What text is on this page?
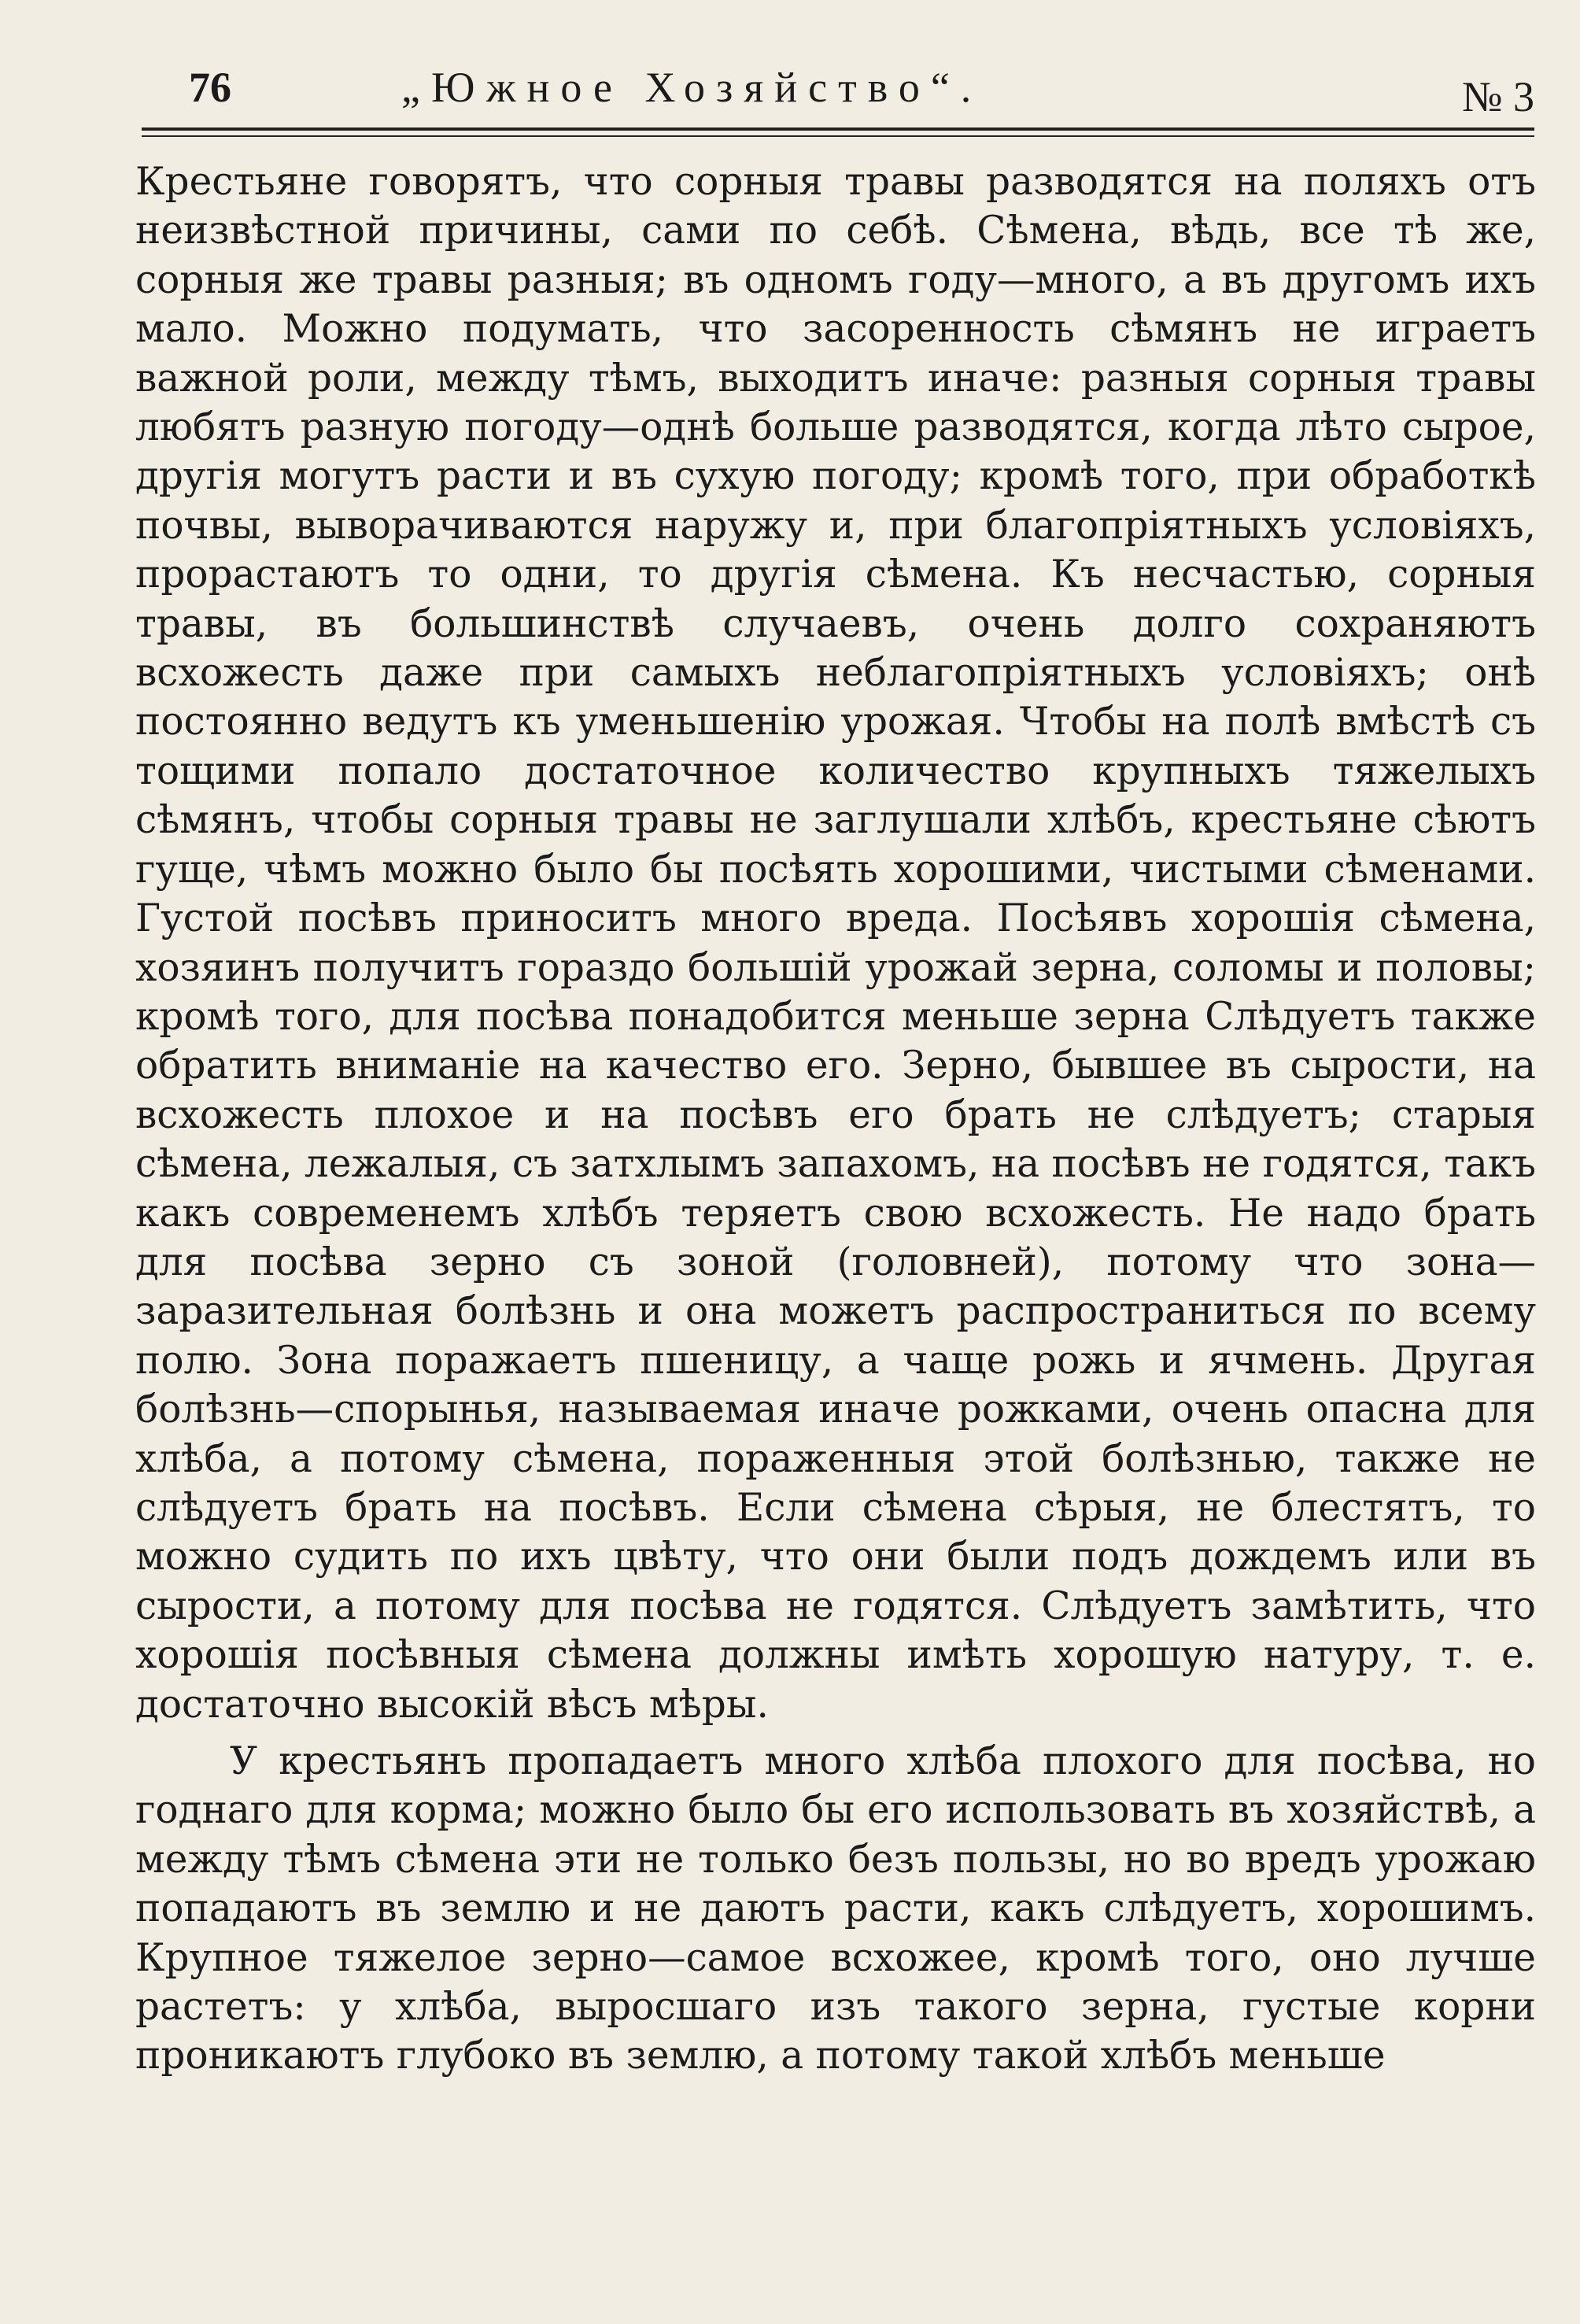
76	„Южное Хозяйство“.	№ 3

Крестьяне говорятъ, что сорныя травы разводятся на поляхъ отъ неизвѣстной причины, сами по себѣ. Сѣмена, вѣдь, все тѣ же, сорныя же травы разныя; въ одномъ году—много, а въ другомъ ихъ мало. Можно подумать, что засоренность сѣмянъ не играетъ важной роли, между тѣмъ, выходитъ иначе: разныя сорныя травы любятъ разную погоду—однѣ больше разводятся, когда лѣто сырое, другія могутъ расти и въ сухую погоду; кромѣ того, при обработкѣ почвы, выворачиваются наружу и, при благопріятныхъ условіяхъ, прорастаютъ то одни, то другія сѣмена. Къ несчастью, сорныя травы, въ большинствѣ случаевъ, очень долго сохраняютъ всхожесть даже при самыхъ неблагопріятныхъ условіяхъ; онѣ постоянно ведутъ къ уменьшенію урожая. Чтобы на полѣ вмѣстѣ съ тощими попало достаточное количество крупныхъ тяжелыхъ сѣмянъ, чтобы сорныя травы не заглушали хлѣбъ, крестьяне сѣютъ гуще, чѣмъ можно было бы посѣять хорошими, чистыми сѣменами. Густой посѣвъ приноситъ много вреда. Посѣявъ хорошія сѣмена, хозяинъ получитъ гораздо большій урожай зерна, соломы и половы; кромѣ того, для посѣва понадобится меньше зерна Слѣдуетъ также обратить вниманіе на качество его. Зерно, бывшее въ сырости, на всхожесть плохое и на посѣвъ его брать не слѣдуетъ; старыя сѣмена, лежалыя, съ затхлымъ запахомъ, на посѣвъ не годятся, такъ какъ современемъ хлѣбъ теряетъ свою всхожесть. Не надо брать для посѣва зерно съ зоной (головней), потому что зона—заразительная болѣзнь и она можетъ распространиться по всему полю. Зона поражаетъ пшеницу, а чаще рожь и ячмень. Другая болѣзнь—спорынья, называемая иначе рожками, очень опасна для хлѣба, а потому сѣмена, пораженныя этой болѣзнью, также не слѣдуетъ брать на посѣвъ. Если сѣмена сѣрыя, не блестятъ, то можно судить по ихъ цвѣту, что они были подъ дождемъ или въ сырости, а потому для посѣва не годятся. Слѣдуетъ замѣтить, что хорошія посѣвныя сѣмена должны имѣть хорошую натуру, т. е. достаточно высокій вѣсъ мѣры.

У крестьянъ пропадаетъ много хлѣба плохого для посѣва, но годнаго для корма; можно было бы его использовать въ хозяйствѣ, а между тѣмъ сѣмена эти не только безъ пользы, но во вредъ урожаю попадаютъ въ землю и не даютъ расти, какъ слѣдуетъ, хорошимъ. Крупное тяжелое зерно—самое всхожее, кромѣ того, оно лучше растетъ: у хлѣба, выросшаго изъ такого зерна, густые корни проникаютъ глубоко въ землю, а потому такой хлѣбъ меньше
